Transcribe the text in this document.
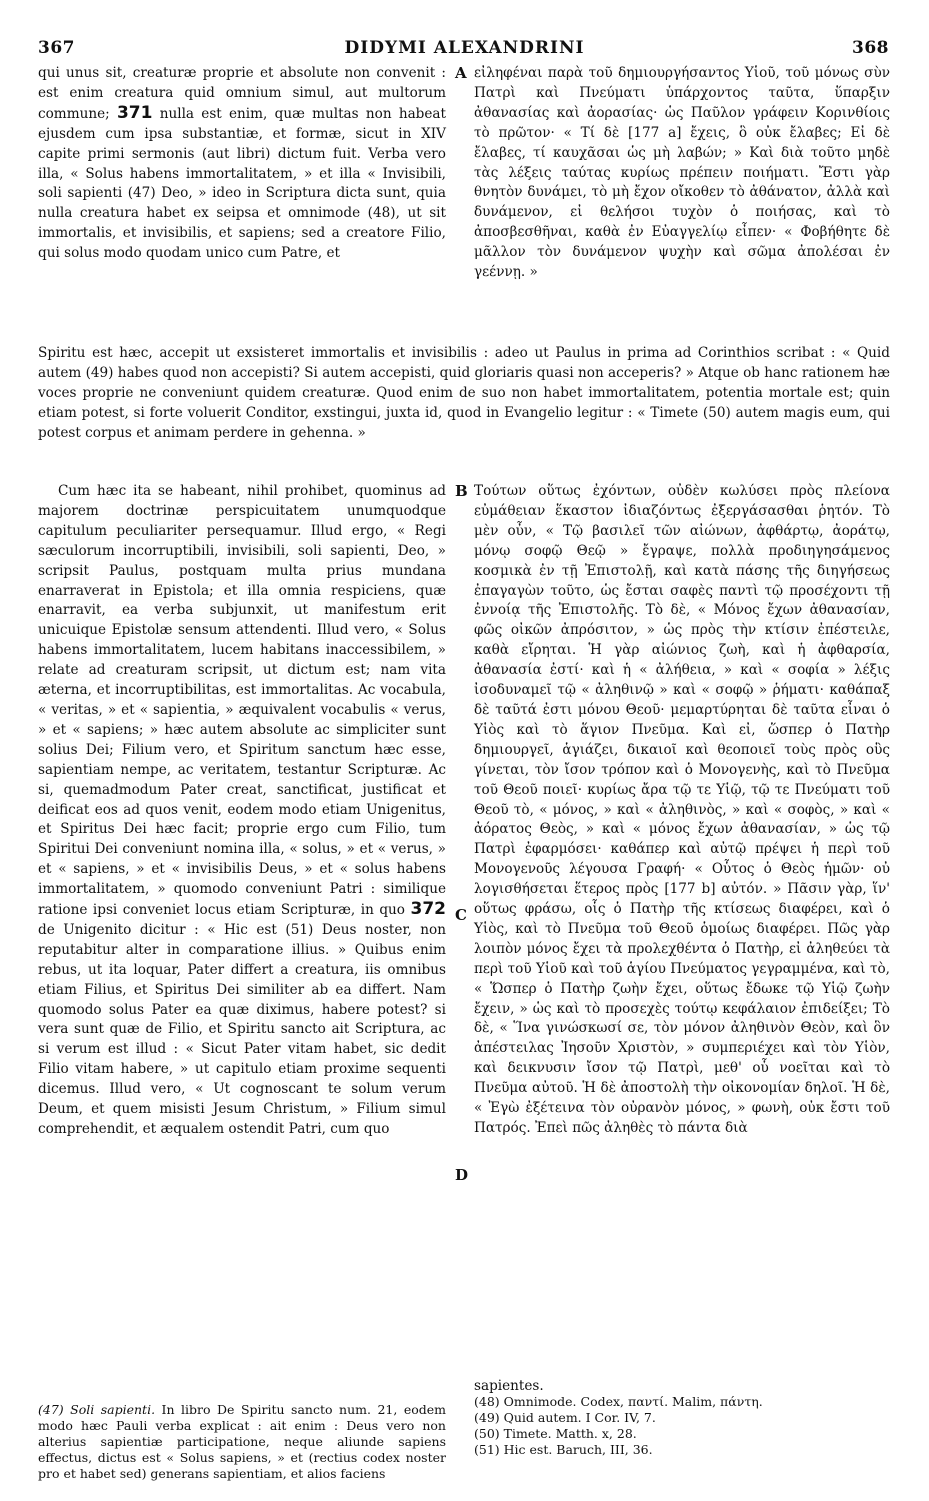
367	DIDYMI ALEXANDRINI	368
qui unus sit, creaturæ proprie et absolute non convenit : est enim creatura quid omnium simul, aut multorum commune; 371 nulla est enim, quæ multas non habeat ejusdem cum ipsa substantiæ, et formæ, sicut in XIV capite primi sermonis (aut libri) dictum fuit. Verba vero illa, « Solus habens immortalitatem, » et illa « Invisibili, soli sapienti (47) Deo, » ideo in Scriptura dicta sunt, quia nulla creatura habet ex seipsa et omnimode (48), ut sit immortalis, et invisibilis, et sapiens; sed a creatore Filio, qui solus modo quodam unico cum Patre, et
A εἰληφέναι παρὰ τοῦ δημιουργήσαντος Υἱοῦ, τοῦ μόνως σὺν Πατρὶ καὶ Πνεύματι ὑπάρχοντος ταῦτα, ὕπαρξιν ἀθανασίας καὶ ἀορασίας· ὡς Παῦλον γράφειν Κορινθίοις τὸ πρῶτον· « Τί δὲ [177 a] ἔχεις, ὃ οὐκ ἔλαβες; Εἰ δὲ ἔλαβες, τί καυχᾶσαι ὡς μὴ λαβών; » Καὶ διὰ τοῦτο μηδὲ τὰς λέξεις ταύτας κυρίως πρέπειν ποιήματι. Ἔστι γὰρ θνητὸν δυνάμει, τὸ μὴ ἔχον οἴκοθεν τὸ ἀθάνατον, ἀλλὰ καὶ δυνάμενον, εἰ θελήσοι τυχὸν ὁ ποιήσας, καὶ τὸ ἀποσβεσθῆναι, καθὰ ἐν Εὐαγγελίῳ εἶπεν· « Φοβήθητε δὲ μᾶλλον τὸν δυνάμενον ψυχὴν καὶ σῶμα ἀπολέσαι ἐν γεέννῃ. »
Spiritu est hæc, accepit ut exsisteret immortalis et invisibilis : adeo ut Paulus in prima ad Corinthios scribat : « Quid autem (49) habes quod non accepisti? Si autem accepisti, quid gloriaris quasi non acceperis? » Atque ob hanc rationem hæ voces proprie ne conveniunt quidem creaturæ. Quod enim de suo non habet immortalitatem, potentia mortale est; quin etiam potest, si forte voluerit Conditor, exstingui, juxta id, quod in Evangelio legitur : « Timete (50) autem magis eum, qui potest corpus et animam perdere in gehenna. »
Cum hæc ita se habeant, nihil prohibet, quominus ad majorem doctrinæ perspicuitatem unumquodque capitulum peculiariter persequamur. Illud ergo, « Regi sæculorum incorruptibili, invisibili, soli sapienti, Deo, » scripsit Paulus, postquam multa prius mundana enarraverat in Epistola; et illa omnia respiciens, quæ enarravit, ea verba subjunxit, ut manifestum erit unicuique Epistolæ sensum attendenti. Illud vero, « Solus habens immortalitatem, lucem habitans inaccessibilem, » relate ad creaturam scripsit, ut dictum est; nam vita æterna, et incorruptibilitas, est immortalitas. Ac vocabula, « veritas, » et « sapientia, » æquivalent vocabulis « verus, » et « sapiens; » hæc autem absolute ac simpliciter sunt solius Dei; Filium vero, et Spiritum sanctum hæc esse, sapientiam nempe, ac veritatem, testantur Scripturæ. Ac si, quemadmodum Pater creat, sanctificat, justificat et deificat eos ad quos venit, eodem modo etiam Unigenitus, et Spiritus Dei hæc facit; proprie ergo cum Filio, tum Spiritui Dei conveniunt nomina illa, « solus, » et « verus, » et « sapiens, » et « invisibilis Deus, » et « solus habens immortalitatem, » quomodo conveniunt Patri : similique ratione ipsi conveniet locus etiam Scripturæ, in quo 372 de Unigenito dicitur : « Hic est (51) Deus noster, non reputabitur alter in comparatione illius. » Quibus enim rebus, ut ita loquar, Pater differt a creatura, iis omnibus etiam Filius, et Spiritus Dei similiter ab ea differt. Nam quomodo solus Pater ea quæ diximus, habere potest? si vera sunt quæ de Filio, et Spiritu sancto ait Scriptura, ac si verum est illud : « Sicut Pater vitam habet, sic dedit Filio vitam habere, » ut capitulo etiam proxime sequenti dicemus. Illud vero, « Ut cognoscant te solum verum Deum, et quem misisti Jesum Christum, » Filium simul comprehendit, et æqualem ostendit Patri, cum quo
B
C
D
Τούτων οὕτως ἐχόντων, οὐδὲν κωλύσει πρὸς πλείονα εὐμάθειαν ἕκαστον ἰδιαζόντως ἐξεργάσασθαι ῥητόν. Τὸ μὲν οὖν, « Τῷ βασιλεῖ τῶν αἰώνων, ἀφθάρτῳ, ἀοράτῳ, μόνῳ σοφῷ Θεῷ » ἔγραψε, πολλὰ προδιηγησάμενος κοσμικὰ ἐν τῇ Ἐπιστολῇ, καὶ κατὰ πάσης τῆς διηγήσεως ἐπαγαγὼν τοῦτο, ὡς ἔσται σαφὲς παντὶ τῷ προσέχοντι τῇ ἐννοίᾳ τῆς Ἐπιστολῆς. Τὸ δὲ, « Μόνος ἔχων ἀθανασίαν, φῶς οἰκῶν ἀπρόσιτον, » ὡς πρὸς τὴν κτίσιν ἐπέστειλε, καθὰ εἴρηται. Ἡ γὰρ αἰώνιος ζωὴ, καὶ ἡ ἀφθαρσία, ἀθανασία ἐστί· καὶ ἡ « ἀλήθεια, » καὶ « σοφία » λέξις ἰσοδυναμεῖ τῷ « ἀληθινῷ » καὶ « σοφῷ » ῥήματι· καθάπαξ δὲ ταῦτά ἐστι μόνου Θεοῦ· μεμαρτύρηται δὲ ταῦτα εἶναι ὁ Υἱὸς καὶ τὸ ἅγιον Πνεῦμα. Καὶ εἰ, ὥσπερ ὁ Πατὴρ δημιουργεῖ, ἁγιάζει, δικαιοῖ καὶ θεοποιεῖ τοὺς πρὸς οὓς γίνεται, τὸν ἴσον τρόπον καὶ ὁ Μονογενὴς, καὶ τὸ Πνεῦμα τοῦ Θεοῦ ποιεῖ· κυρίως ἄρα τῷ τε Υἱῷ, τῷ τε Πνεύματι τοῦ Θεοῦ τὸ, « μόνος, » καὶ « ἀληθινὸς, » καὶ « σοφὸς, » καὶ « ἀόρατος Θεὸς, » καὶ « μόνος ἔχων ἀθανασίαν, » ὡς τῷ Πατρὶ ἐφαρμόσει· καθάπερ καὶ αὐτῷ πρέψει ἡ περὶ τοῦ Μονογενοῦς λέγουσα Γραφή· « Οὗτος ὁ Θεὸς ἡμῶν· οὐ λογισθήσεται ἕτερος πρὸς [177 b] αὐτόν. » Πᾶσιν γὰρ, ἵν' οὕτως φράσω, οἷς ὁ Πατὴρ τῆς κτίσεως διαφέρει, καὶ ὁ Υἱὸς, καὶ τὸ Πνεῦμα τοῦ Θεοῦ ὁμοίως διαφέρει. Πῶς γὰρ λοιπὸν μόνος ἔχει τὰ προλεχθέντα ὁ Πατὴρ, εἰ ἀληθεύει τὰ περὶ τοῦ Υἱοῦ καὶ τοῦ ἁγίου Πνεύματος γεγραμμένα, καὶ τὸ, « Ὥσπερ ὁ Πατὴρ ζωὴν ἔχει, οὕτως ἔδωκε τῷ Υἱῷ ζωὴν ἔχειν, » ὡς καὶ τὸ προσεχὲς τούτῳ κεφάλαιον ἐπιδείξει; Τὸ δὲ, « Ἵνα γινώσκωσί σε, τὸν μόνον ἀληθινὸν Θεὸν, καὶ ὃν ἀπέστειλας Ἰησοῦν Χριστὸν, » συμπεριέχει καὶ τὸν Υἱὸν, καὶ δεικνυσιν ἴσον τῷ Πατρὶ, μεθ' οὗ νοεῖται καὶ τὸ Πνεῦμα αὐτοῦ. Ἡ δὲ ἀποστολὴ τὴν οἰκονομίαν δηλοῖ. Ἡ δὲ, « Ἐγὼ ἐξέτεινα τὸν οὐρανὸν μόνος, » φωνὴ, οὐκ ἔστι τοῦ Πατρός. Ἐπεὶ πῶς ἀληθὲς τὸ πάντα διὰ
(47) Soli sapienti. In libro De Spiritu sancto num. 21, eodem modo hæc Pauli verba explicat : ait enim : Deus vero non alterius sapientiæ participatione, neque aliunde sapiens effectus, dictus est « Solus sapiens, » et (rectius codex noster pro et habet sed) generans sapientiam, et alios faciens
sapientes.
(48) Omnimode. Codex, παντί. Malim, πάντη.
(49) Quid autem. I Cor. IV, 7.
(50) Timete. Matth. x, 28.
(51) Hic est. Baruch, III, 36.
